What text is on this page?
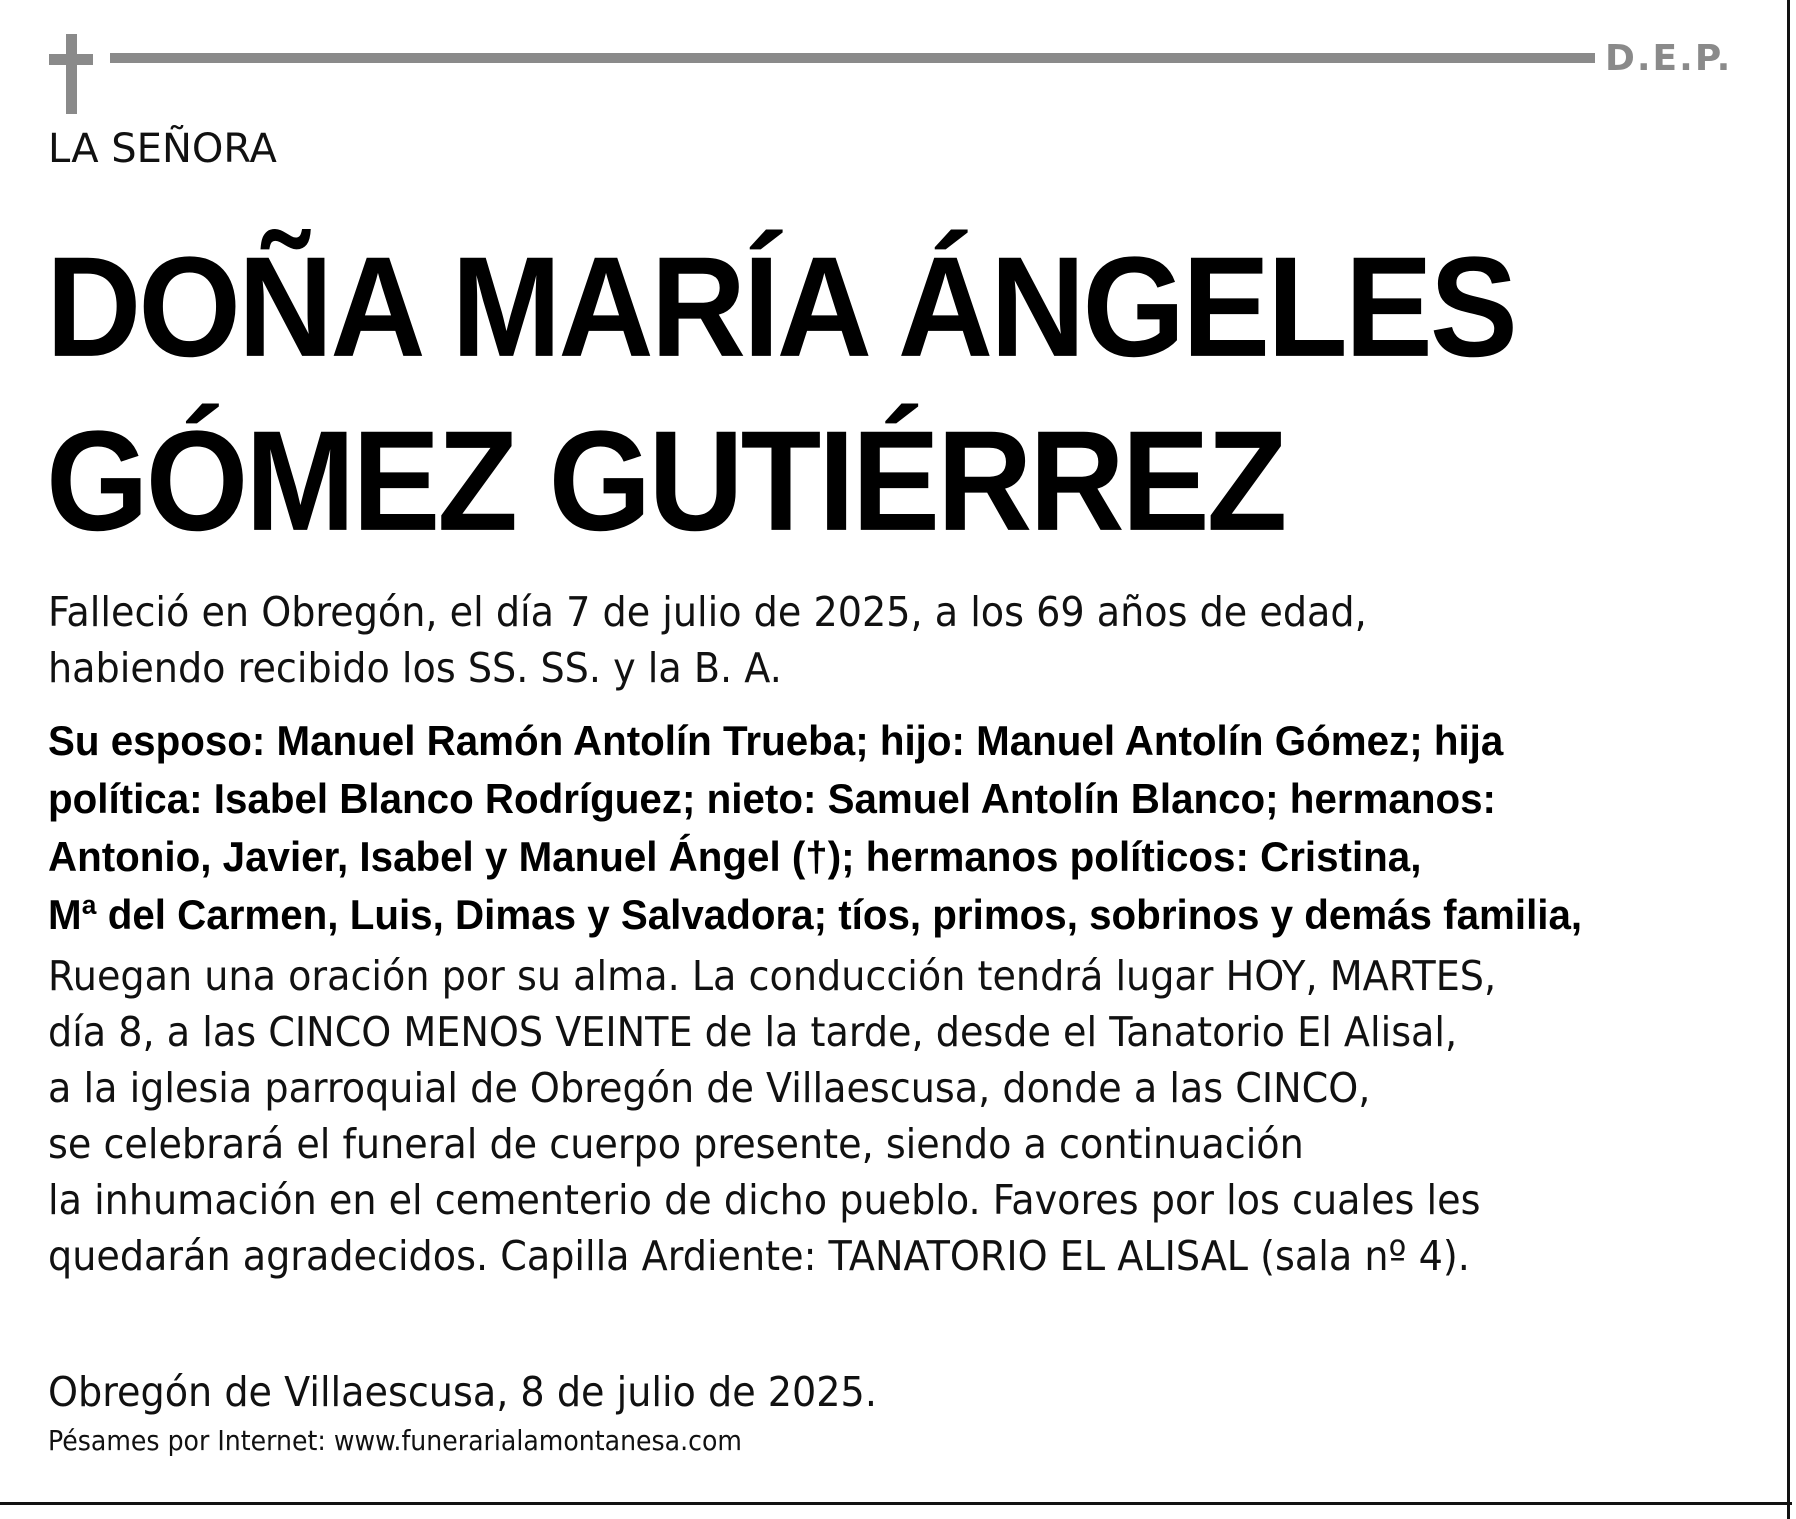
D.E.P.
LA SEÑORA
DOÑA MARÍA ÁNGELES
GÓMEZ GUTIÉRREZ
Falleció en Obregón, el día 7 de julio de 2025, a los 69 años de edad,
habiendo recibido los SS. SS. y la B. A.
Su esposo: Manuel Ramón Antolín Trueba; hijo: Manuel Antolín Gómez; hija
política: Isabel Blanco Rodríguez; nieto: Samuel Antolín Blanco; hermanos:
Antonio, Javier, Isabel y Manuel Ángel (†); hermanos políticos: Cristina,
Mª del Carmen, Luis, Dimas y Salvadora; tíos, primos, sobrinos y demás familia,
Ruegan una oración por su alma. La conducción tendrá lugar HOY, MARTES,
día 8, a las CINCO MENOS VEINTE de la tarde, desde el Tanatorio El Alisal,
a la iglesia parroquial de Obregón de Villaescusa, donde a las CINCO,
se celebrará el funeral de cuerpo presente, siendo a continuación
la inhumación en el cementerio de dicho pueblo. Favores por los cuales les
quedarán agradecidos. Capilla Ardiente: TANATORIO EL ALISAL (sala nº 4).
Obregón de Villaescusa, 8 de julio de 2025.
Pésames por Internet: www.funerarialamontanesa.com
